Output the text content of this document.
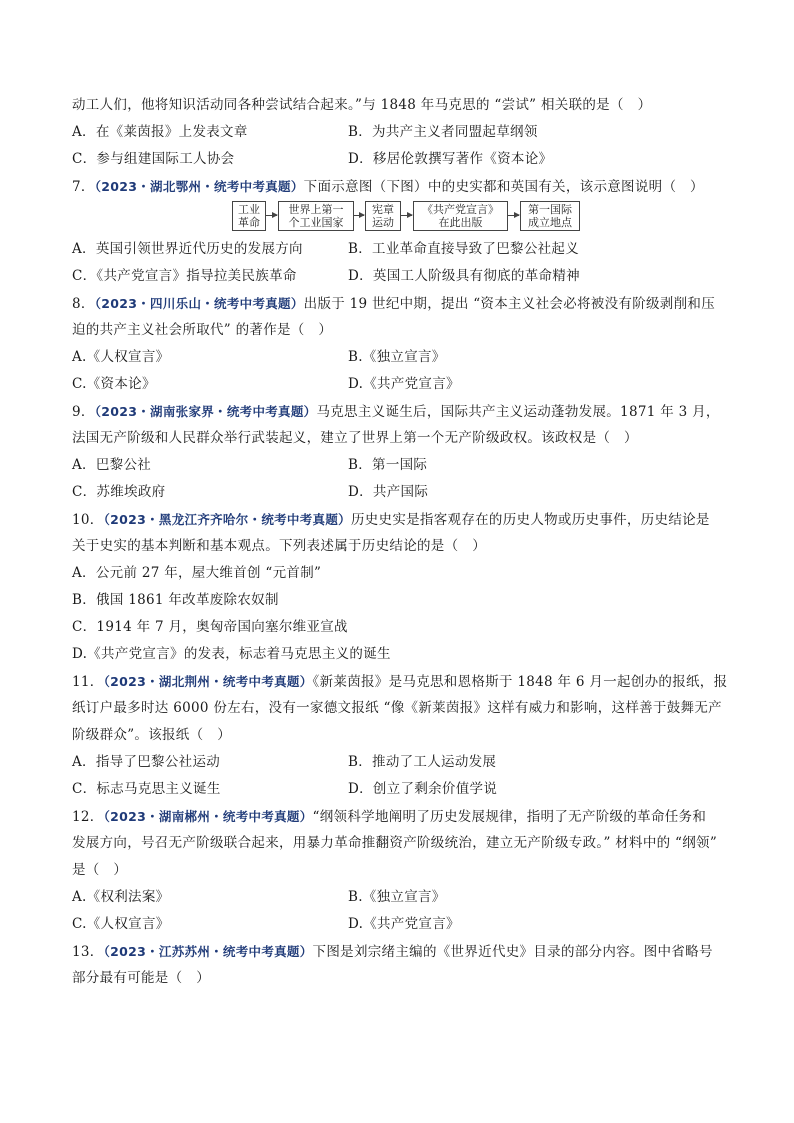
动工人们，他将知识活动同各种尝试结合起来。”与 1848 年马克思的 “尝试” 相关联的是（　）
A．在《莱茵报》上发表文章	B．为共产主义者同盟起草纲领
C．参与组建国际工人协会	D．移居伦敦撰写著作《资本论》
7．（2023・湖北鄂州・统考中考真题）下面示意图（下图）中的史实都和英国有关，该示意图说明（　）
工业
革命
世界上第一
个工业国家
宪章
运动
《共产党宣言》
在此出版
第一国际
成立地点
A．英国引领世界近代历史的发展方向	B．工业革命直接导致了巴黎公社起义
C．《共产党宣言》指导拉美民族革命	D．英国工人阶级具有彻底的革命精神
8．（2023・四川乐山・统考中考真题）出版于 19 世纪中期，提出 “资本主义社会必将被没有阶级剥削和压
迫的共产主义社会所取代” 的著作是（　）
A.《人权宣言》	B.《独立宣言》
C.《资本论》	D.《共产党宣言》
9．（2023・湖南张家界・统考中考真题）马克思主义诞生后，国际共产主义运动蓬勃发展。1871 年 3 月，
法国无产阶级和人民群众举行武装起义，建立了世界上第一个无产阶级政权。该政权是（　）
A．巴黎公社	B．第一国际
C．苏维埃政府	D．共产国际
10．（2023・黑龙江齐齐哈尔・统考中考真题）历史史实是指客观存在的历史人物或历史事件，历史结论是
关于史实的基本判断和基本观点。下列表述属于历史结论的是（　）
A．公元前 27 年，屋大维首创 “元首制”
B．俄国 1861 年改革废除农奴制
C．1914 年 7 月，奥匈帝国向塞尔维亚宣战
D.《共产党宣言》的发表，标志着马克思主义的诞生
11．（2023・湖北荆州・统考中考真题）《新莱茵报》是马克思和恩格斯于 1848 年 6 月一起创办的报纸，报
纸订户最多时达 6000 份左右，没有一家德文报纸 “像《新莱茵报》这样有威力和影响，这样善于鼓舞无产
阶级群众”。该报纸（　）
A．指导了巴黎公社运动	B．推动了工人运动发展
C．标志马克思主义诞生	D．创立了剩余价值学说
12．（2023・湖南郴州・统考中考真题）“纲领科学地阐明了历史发展规律，指明了无产阶级的革命任务和
发展方向，号召无产阶级联合起来，用暴力革命推翻资产阶级统治，建立无产阶级专政。” 材料中的 “纲领”
是（　）
A.《权利法案》	B.《独立宣言》
C.《人权宣言》	D.《共产党宣言》
13．（2023・江苏苏州・统考中考真题）下图是刘宗绪主编的《世界近代史》目录的部分内容。图中省略号
部分最有可能是（　）
